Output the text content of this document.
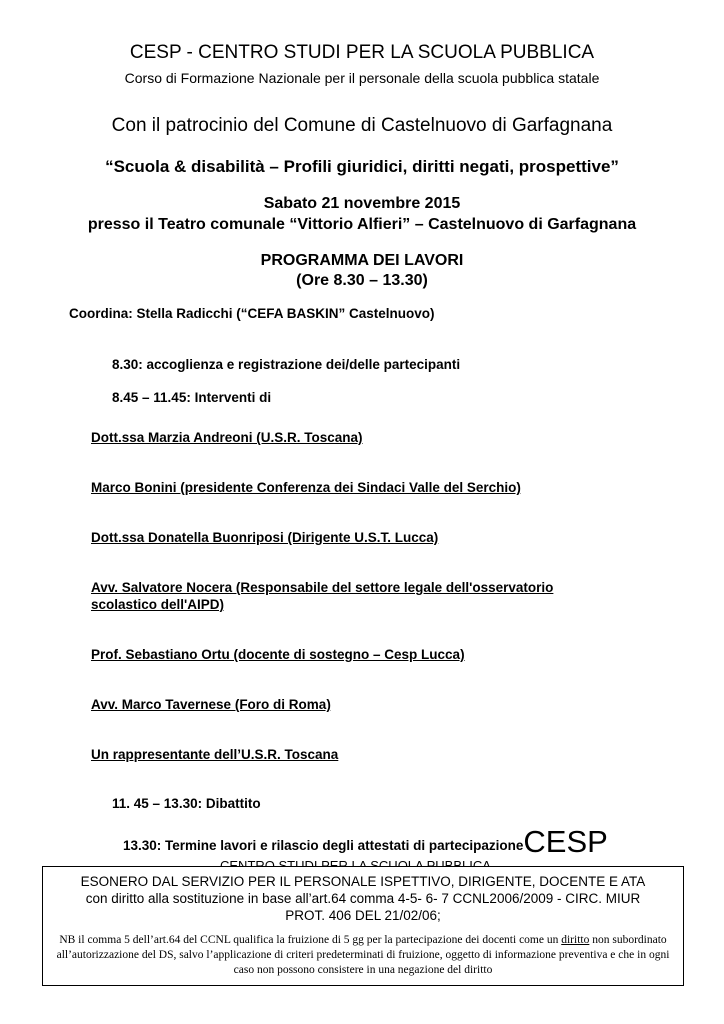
CESP - CENTRO STUDI PER LA SCUOLA PUBBLICA
Corso di Formazione Nazionale per il personale della scuola pubblica statale
Con il patrocinio del Comune di Castelnuovo di Garfagnana
“Scuola & disabilità – Profili giuridici, diritti negati, prospettive”
Sabato 21 novembre 2015
presso il Teatro comunale “Vittorio Alfieri” – Castelnuovo di Garfagnana
PROGRAMMA DEI LAVORI
(Ore 8.30 – 13.30)
Coordina: Stella Radicchi (“CEFA BASKIN” Castelnuovo)
8.30: accoglienza e registrazione dei/delle partecipanti
8.45 – 11.45: Interventi di
Dott.ssa Marzia Andreoni (U.S.R. Toscana)
Marco Bonini (presidente Conferenza dei Sindaci Valle del Serchio)
Dott.ssa Donatella Buonriposi (Dirigente U.S.T. Lucca)
Avv. Salvatore Nocera (Responsabile del settore legale dell'osservatorio
scolastico dell'AIPD)
Prof. Sebastiano Ortu (docente di sostegno – Cesp Lucca)
Avv. Marco Tavernese (Foro di Roma)
Un rappresentante dell’U.S.R. Toscana
11. 45 – 13.30: Dibattito
13.30: Termine lavori e rilascio degli attestati di partecipazioneCESP
ESONERO DAL SERVIZIO PER IL PERSONALE ISPETTIVO, DIRIGENTE, DOCENTE E ATA
con diritto alla sostituzione in base all’art.64 comma 4-5- 6- 7 CCNL2006/2009 - CIRC. MIUR
PROT. 406 DEL 21/02/06;
NB il comma 5 dell’art.64 del CCNL qualifica la fruizione di 5 gg per la partecipazione dei docenti come un diritto non subordinato all’autorizzazione del DS, salvo l’applicazione di criteri predeterminati di fruizione, oggetto di informazione preventiva e che in ogni caso non possono consistere in una negazione del diritto
